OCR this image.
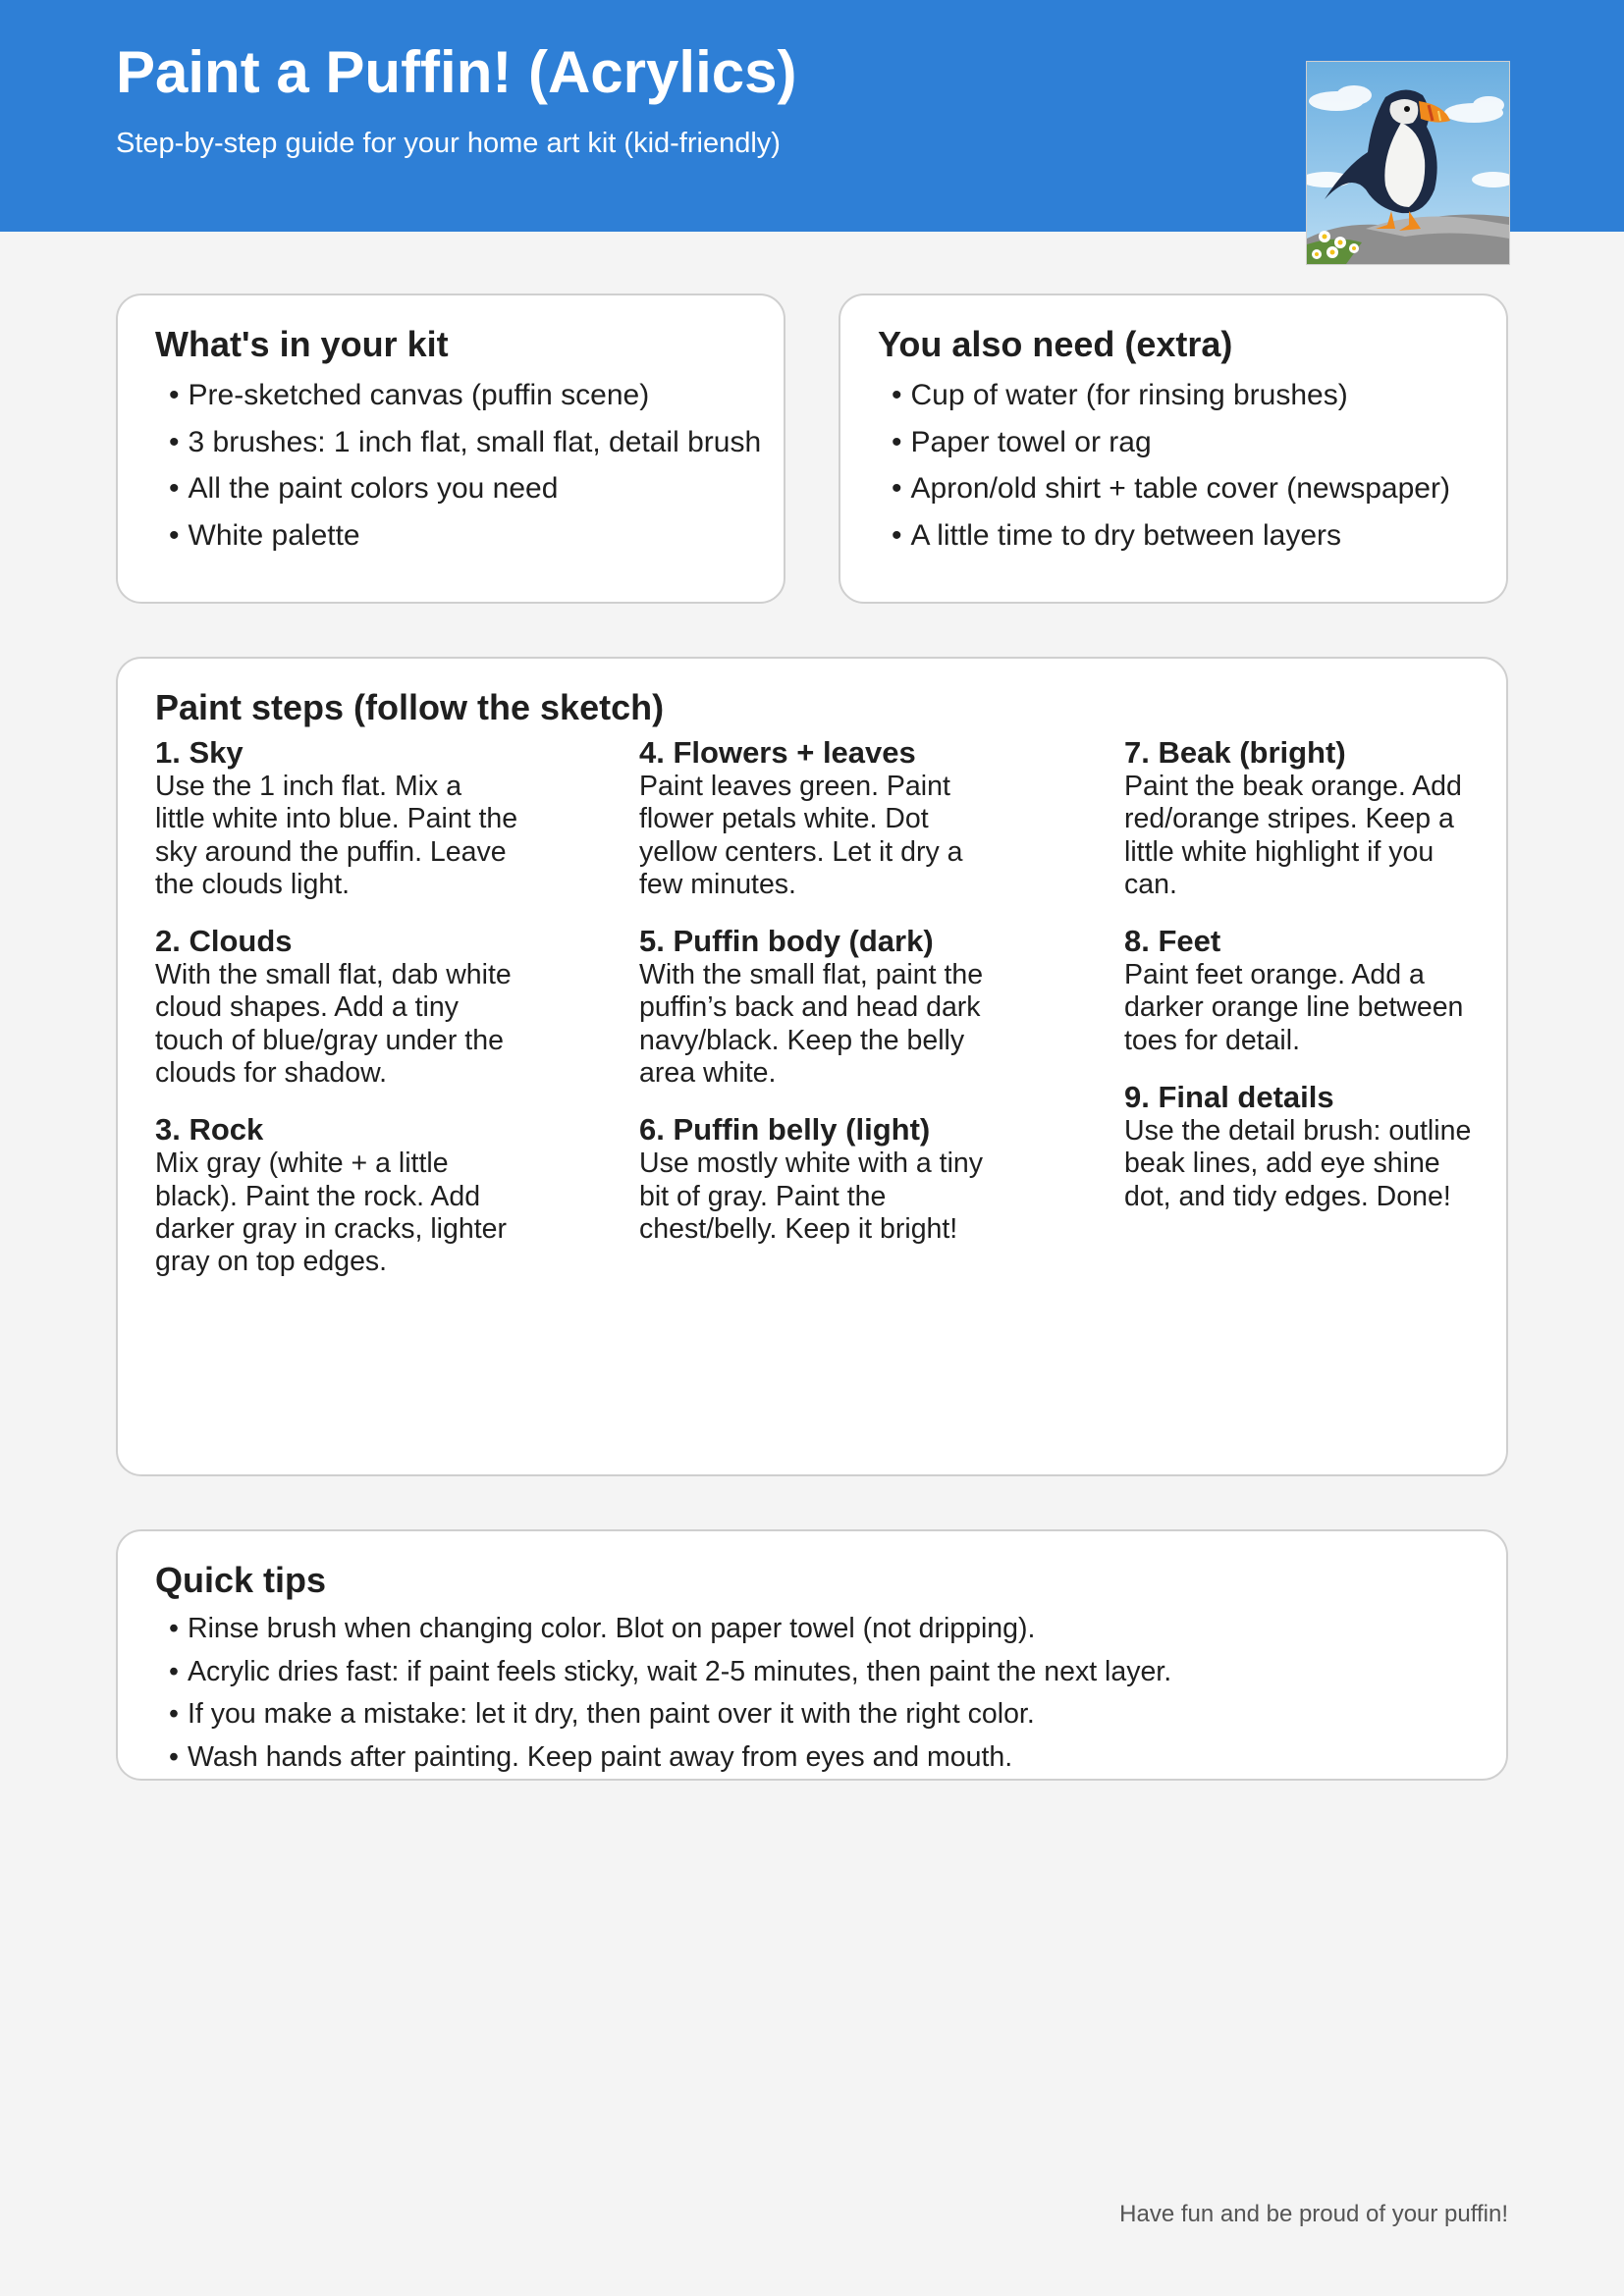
Paint a Puffin! (Acrylics)
Step-by-step guide for your home art kit (kid-friendly)
What's in your kit
• Pre-sketched canvas (puffin scene)
• 3 brushes: 1 inch flat, small flat, detail brush
• All the paint colors you need
• White palette
You also need (extra)
• Cup of water (for rinsing brushes)
• Paper towel or rag
• Apron/old shirt + table cover (newspaper)
• A little time to dry between layers
Paint steps (follow the sketch)
1. Sky
Use the 1 inch flat. Mix a little white into blue. Paint the sky around the puffin. Leave the clouds light.
2. Clouds
With the small flat, dab white cloud shapes. Add a tiny touch of blue/gray under the clouds for shadow.
3. Rock
Mix gray (white + a little black). Paint the rock. Add darker gray in cracks, lighter gray on top edges.
4. Flowers + leaves
Paint leaves green. Paint flower petals white. Dot yellow centers. Let it dry a few minutes.
5. Puffin body (dark)
With the small flat, paint the puffin’s back and head dark navy/black. Keep the belly area white.
6. Puffin belly (light)
Use mostly white with a tiny bit of gray. Paint the chest/belly. Keep it bright!
7. Beak (bright)
Paint the beak orange. Add red/orange stripes. Keep a little white highlight if you can.
8. Feet
Paint feet orange. Add a darker orange line between toes for detail.
9. Final details
Use the detail brush: outline beak lines, add eye shine dot, and tidy edges. Done!
Quick tips
• Rinse brush when changing color. Blot on paper towel (not dripping).
• Acrylic dries fast: if paint feels sticky, wait 2-5 minutes, then paint the next layer.
• If you make a mistake: let it dry, then paint over it with the right color.
• Wash hands after painting. Keep paint away from eyes and mouth.
Have fun and be proud of your puffin!
